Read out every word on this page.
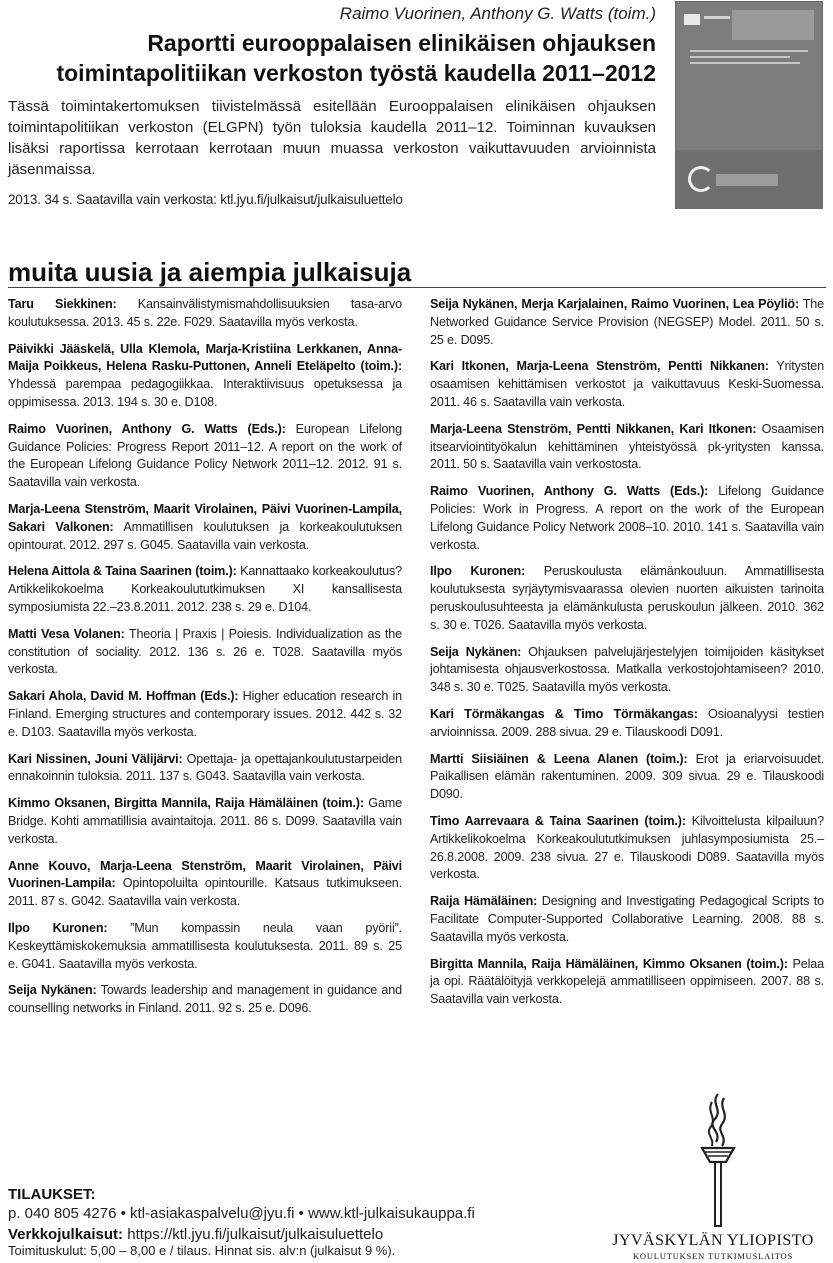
Raimo Vuorinen, Anthony G. Watts (toim.)
Raportti eurooppalaisen elinikäisen ohjauksen
toimintapolitiikan verkoston työstä kaudella 2011–2012
Tässä toimintakertomuksen tiivistelmässä esitellään Eurooppalaisen elinikäisen ohjauksen toimintapolitiikan verkoston (ELGPN) työn tuloksia kaudella 2011–12. Toiminnan kuvauksen lisäksi raportissa kerrotaan kerrotaan muun muassa verkoston vaikuttavuuden arvioinnista jäsenmaissa.
2013. 34 s. Saatavilla vain verkosta: ktl.jyu.fi/julkaisut/julkaisuluettelo
muita uusia ja aiempia julkaisuja
Taru Siekkinen: Kansainvälistymismahdollisuuksien tasa-arvo koulutuksessa. 2013. 45 s. 22e. F029. Saatavilla myös verkosta.
Päivikki Jääskelä, Ulla Klemola, Marja-Kristiina Lerkkanen, Anna-Maija Poikkeus, Helena Rasku-Puttonen, Anneli Eteläpelto (toim.): Yhdessä parempaa pedagogiikkaa. Interaktiivisuus opetuksessa ja oppimisessa. 2013. 194 s. 30 e. D108.
Raimo Vuorinen, Anthony G. Watts (Eds.): European Lifelong Guidance Policies: Progress Report 2011–12. A report on the work of the European Lifelong Guidance Policy Network 2011–12. 2012. 91 s. Saatavilla vain verkosta.
Marja-Leena Stenström, Maarit Virolainen, Päivi Vuorinen-Lampila, Sakari Valkonen: Ammatillisen koulutuksen ja korkeakoulutuksen opintourat. 2012. 297 s. G045. Saatavilla vain verkosta.
Helena Aittola & Taina Saarinen (toim.): Kannattaako korkeakoulutus? Artikkelikokoelma Korkeakoulututkimuksen XI kansallisesta symposiumista 22.–23.8.2011. 2012. 238 s. 29 e. D104.
Matti Vesa Volanen: Theoria | Praxis | Poiesis. Individualization as the constitution of sociality. 2012. 136 s. 26 e. T028. Saatavilla myös verkosta.
Sakari Ahola, David M. Hoffman (Eds.): Higher education research in Finland. Emerging structures and contemporary issues. 2012. 442 s. 32 e. D103. Saatavilla myös verkosta.
Kari Nissinen, Jouni Välijärvi: Opettaja- ja opettajankoulutustarpeiden ennakoinnin tuloksia. 2011. 137 s. G043. Saatavilla vain verkosta.
Kimmo Oksanen, Birgitta Mannila, Raija Hämäläinen (toim.): Game Bridge. Kohti ammatillisia avaintaitoja. 2011. 86 s. D099. Saatavilla vain verkosta.
Anne Kouvo, Marja-Leena Stenström, Maarit Virolainen, Päivi Vuorinen-Lampila: Opintopoluilta opintourille. Katsaus tutkimukseen. 2011. 87 s. G042. Saatavilla vain verkosta.
Ilpo Kuronen: ”Mun kompassin neula vaan pyörii”. Keskeyttämiskokemuksia ammatillisesta koulutuksesta. 2011. 89 s. 25 e. G041. Saatavilla myös verkosta.
Seija Nykänen: Towards leadership and management in guidance and counselling networks in Finland. 2011. 92 s. 25 e. D096.
Seija Nykänen, Merja Karjalainen, Raimo Vuorinen, Lea Pöyliö: The Networked Guidance Service Provision (NEGSEP) Model. 2011. 50 s. 25 e. D095.
Kari Itkonen, Marja-Leena Stenström, Pentti Nikkanen: Yritysten osaamisen kehittämisen verkostot ja vaikuttavuus Keski-Suomessa. 2011. 46 s. Saatavilla vain verkosta.
Marja-Leena Stenström, Pentti Nikkanen, Kari Itkonen: Osaamisen itsearviointityökalun kehittäminen yhteistyössä pk-yritysten kanssa. 2011. 50 s. Saatavilla vain verkostosta.
Raimo Vuorinen, Anthony G. Watts (Eds.): Lifelong Guidance Policies: Work in Progress. A report on the work of the European Lifelong Guidance Policy Network 2008–10. 2010. 141 s. Saatavilla vain verkosta.
Ilpo Kuronen: Peruskoulusta elämänkouluun. Ammatillisesta koulutuksesta syrjäytymisvaarassa olevien nuorten aikuisten tarinoita peruskoulusuhteesta ja elämänkulusta peruskoulun jälkeen. 2010. 362 s. 30 e. T026. Saatavilla myös verkosta.
Seija Nykänen: Ohjauksen palvelujärjestelyjen toimijoiden käsitykset johtamisesta ohjausverkostossa. Matkalla verkostojohtamiseen? 2010. 348 s. 30 e. T025. Saatavilla myös verkosta.
Kari Törmäkangas & Timo Törmäkangas: Osioanalyysi testien arvioinnissa. 2009. 288 sivua. 29 e. Tilauskoodi D091.
Martti Siisiäinen & Leena Alanen (toim.): Erot ja eriarvoisuudet. Paikallisen elämän rakentuminen. 2009. 309 sivua. 29 e. Tilauskoodi D090.
Timo Aarrevaara & Taina Saarinen (toim.): Kilvoittelusta kilpailuun? Artikkelikokoelma Korkeakoulututkimuksen juhlasymposiumista 25.–26.8.2008. 2009. 238 sivua. 27 e. Tilauskoodi D089. Saatavilla myös verkosta.
Raija Hämäläinen: Designing and Investigating Pedagogical Scripts to Facilitate Computer-Supported Collaborative Learning. 2008. 88 s. Saatavilla myös verkosta.
Birgitta Mannila, Raija Hämäläinen, Kimmo Oksanen (toim.): Pelaa ja opi. Räätälöityjä verkkopelejä ammatilliseen oppimiseen. 2007. 88 s. Saatavilla vain verkosta.
TILAUKSET:
p. 040 805 4276 • ktl-asiakaspalvelu@jyu.fi • www.ktl-julkaisukauppa.fi
Verkkojulkaisut: https://ktl.jyu.fi/julkaisut/julkaisuluettelo
Toimituskulut: 5,00 – 8,00 e / tilaus. Hinnat sis. alv:n (julkaisut 9 %).
JYVÄSKYLÄN YLIOPISTO
KOULUTUKSEN TUTKIMUSLAITOS
